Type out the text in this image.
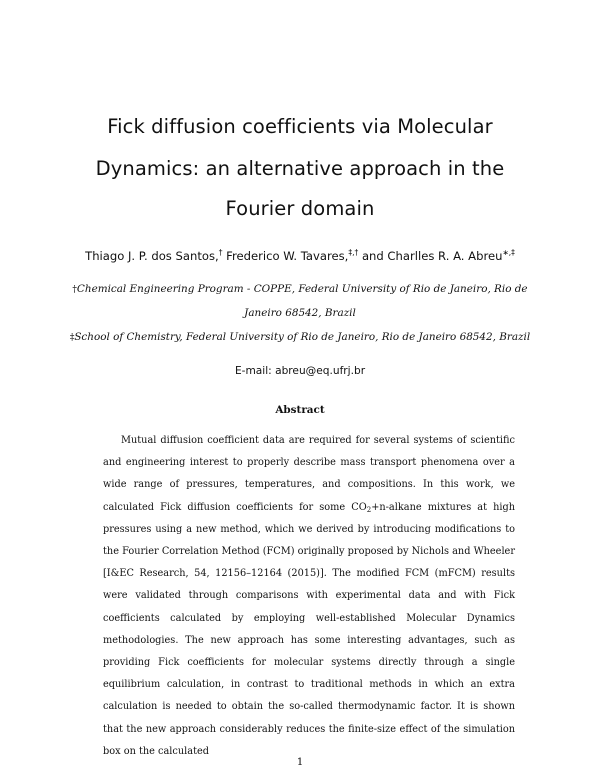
Fick diffusion coefficients via Molecular
Dynamics: an alternative approach in the
Fourier domain
Thiago J. P. dos Santos,† Frederico W. Tavares,‡,† and Charlles R. A. Abreu∗,‡
†Chemical Engineering Program - COPPE, Federal University of Rio de Janeiro, Rio de
Janeiro 68542, Brazil
‡School of Chemistry, Federal University of Rio de Janeiro, Rio de Janeiro 68542, Brazil
E-mail: abreu@eq.ufrj.br
Abstract

Mutual diffusion coefficient data are required for several systems of scientific and engineering interest to properly describe mass transport phenomena over a wide range of pressures, temperatures, and compositions. In this work, we calculated Fick diffusion coefficients for some $CO_2+n$-alkane mixtures at high pressures using a new method, which we derived by introducing modifications to the Fourier Correlation Method (FCM) originally proposed by Nichols and Wheeler [I&EC Research, 54, 12156–12164 (2015)]. The modified FCM (mFCM) results were validated through comparisons with experimental data and with Fick coefficients calculated by employing well-established Molecular Dynamics methodologies. The new approach has some interesting advantages, such as providing Fick coefficients for molecular systems directly through a single equilibrium calculation, in contrast to traditional methods in which an extra calculation is needed to obtain the so-called thermodynamic factor. It is shown that the new approach considerably reduces the finite-size effect of the simulation box on the calculated

1
